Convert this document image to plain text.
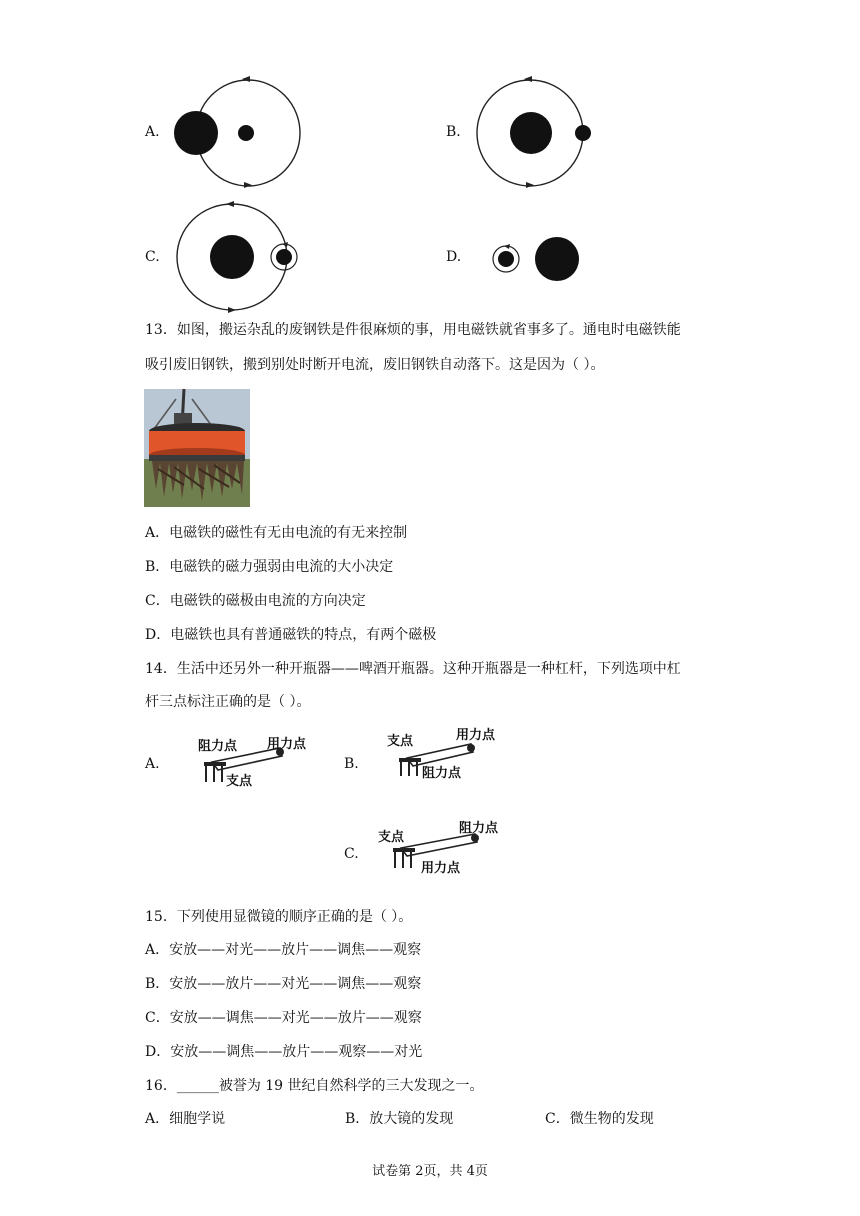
A.	B.
C.	D.
13．如图，搬运杂乱的废钢铁是件很麻烦的事，用电磁铁就省事多了。通电时电磁铁能
吸引废旧钢铁，搬到别处时断开电流，废旧钢铁自动落下。这是因为（ ）。
A．电磁铁的磁性有无由电流的有无来控制
B．电磁铁的磁力强弱由电流的大小决定
C．电磁铁的磁极由电流的方向决定
D．电磁铁也具有普通磁铁的特点，有两个磁极
14．生活中还另外一种开瓶器——啤酒开瓶器。这种开瓶器是一种杠杆，下列选项中杠
杆三点标注正确的是（ ）。
A.
阻力点 用力点
支点
B.
支点	用力点
阻力点
C.
支点
阻力点
用力点
15．下列使用显微镜的顺序正确的是（ ）。
A．安放——对光——放片——调焦——观察
B．安放——放片——对光——调焦——观察
C．安放——调焦——对光——放片——观察
D．安放——调焦——放片——观察——对光
16．______被誉为 19 世纪自然科学的三大发现之一。
A．细胞学说	B．放大镜的发现	C．微生物的发现
试卷第 2页，共 4页
